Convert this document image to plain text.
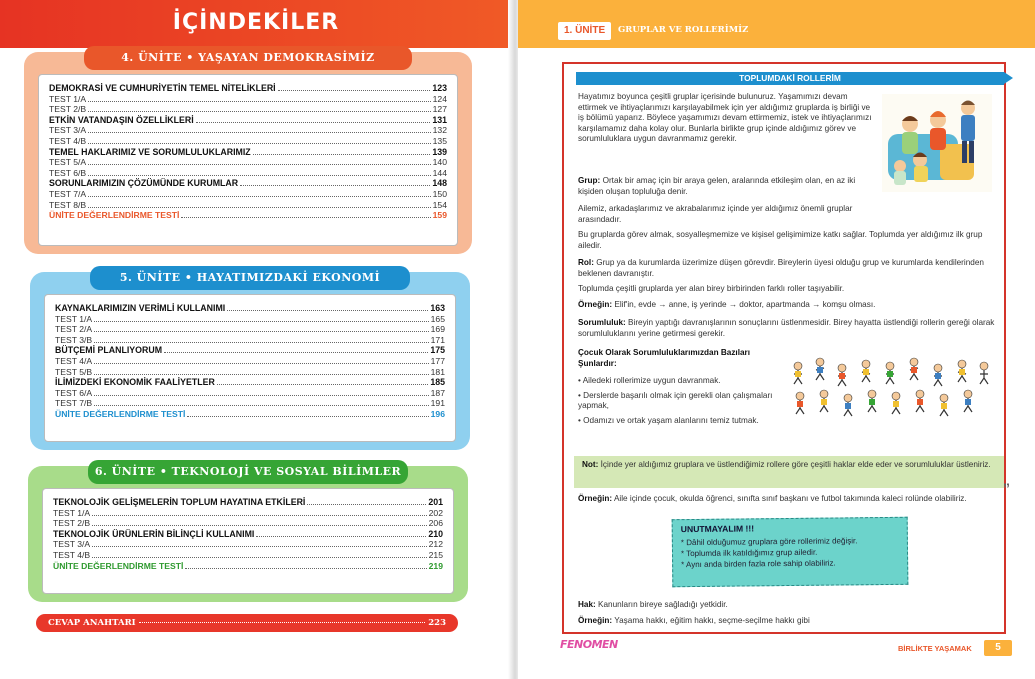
İÇİNDEKİLER
4. ÜNİTE • YAŞAYAN DEMOKRASİMİZ
DEMOKRASİ VE CUMHURİYETİN TEMEL NİTELİKLERİ	123
TEST 1/A	124
TEST 2/B	127
ETKİN VATANDAŞIN ÖZELLİKLERİ	131
TEST 3/A	132
TEST 4/B	135
TEMEL HAKLARIMIZ VE SORUMLULUKLARIMIZ	139
TEST 5/A	140
TEST 6/B	144
SORUNLARIMIZIN ÇÖZÜMÜNDE KURUMLAR	148
TEST 7/A	150
TEST 8/B	154
ÜNİTE DEĞERLENDİRME TESTİ	159
5. ÜNİTE • HAYATIMIZDAKİ EKONOMİ
KAYNAKLARIMIZIN VERİMLİ KULLANIMI	163
TEST 1/A	165
TEST 2/A	169
TEST 3/B	171
BÜTÇEMİ PLANLIYORUM	175
TEST 4/A	177
TEST 5/B	181
İLİMİZDEKİ EKONOMİK FAALİYETLER	185
TEST 6/A	187
TEST 7/B	191
ÜNİTE DEĞERLENDİRME TESTİ	196
6. ÜNİTE • TEKNOLOJİ VE SOSYAL BİLİMLER
TEKNOLOJİK GELİŞMELERİN TOPLUM HAYATINA ETKİLERİ	201
TEST 1/A	202
TEST 2/B	206
TEKNOLOJİK ÜRÜNLERİN BİLİNÇLİ KULLANIMI	210
TEST 3/A	212
TEST 4/B	215
ÜNİTE DEĞERLENDİRME TESTİ	219
CEVAP ANAHTARI	223
1. ÜNİTE	GRUPLAR VE ROLLERİMİZ
TOPLUMDAKİ ROLLERİM

Hayatımız boyunca çeşitli gruplar içerisinde bulunuruz. Yaşamımızı devam ettirmek ve ihtiyaçlarımızı karşılayabilmek için yer aldığımız gruplarda iş birliği ve iş bölümü yaparız. Böylece yaşamımızı devam ettirmemiz, istek ve ihtiyaçlarımızı karşılamamız daha kolay olur. Bunlarla birlikte grup içinde aldığımız görev ve sorumluluklara uygun davranmamız gerekir.

Grup: Ortak bir amaç için bir araya gelen, aralarında etkileşim olan, en az iki kişiden oluşan topluluğa denir.

Ailemiz, arkadaşlarımız ve akrabalarımız içinde yer aldığımız önemli gruplar arasındadır.

Bu gruplarda görev almak, sosyalleşmemize ve kişisel gelişimimize katkı sağlar. Toplumda yer aldığımız ilk grup ailedir.

Rol: Grup ya da kurumlarda üzerimize düşen görevdir. Bireylerin üyesi olduğu grup ve kurumlarda kendilerinden beklenen davranıştır.

Toplumda çeşitli gruplarda yer alan birey birbirinden farklı roller taşıyabilir.

Örneğin: Elif'in, evde → anne, iş yerinde → doktor, apartmanda → komşu olması.

Sorumluluk: Bireyin yaptığı davranışlarının sonuçlarını üstlenmesidir. Birey hayatta üstlendiği rollerin gereği olarak sorumluluklarını yerine getirmesi gerekir.

Çocuk Olarak Sorumluluklarımızdan Bazıları Şunlardır:

• Ailedeki rollerimize uygun davranmak.
• Derslerde başarılı olmak için gerekli olan çalışmaları yapmak,
• Odamızı ve ortak yaşam alanlarını temiz tutmak.
Not: İçinde yer aldığımız gruplara ve üstlendiğimiz rollere göre çeşitli haklar elde eder ve sorumluluklar üstleniriz.
”

Örneğin: Aile içinde çocuk, okulda öğrenci, sınıfta sınıf başkanı ve futbol takımında kaleci rolünde olabiliriz.

UNUTMAYALIM !!!
* Dâhil olduğumuz gruplara göre rollerimiz değişir.
* Toplumda ilk katıldığımız grup ailedir.
* Aynı anda birden fazla role sahip olabiliriz.

Hak: Kanunların bireye sağladığı yetkidir.

Örneğin: Yaşama hakkı, eğitim hakkı, seçme-seçilme hakkı gibi

FENOMEN	BİRLİKTE YAŞAMAK	5
